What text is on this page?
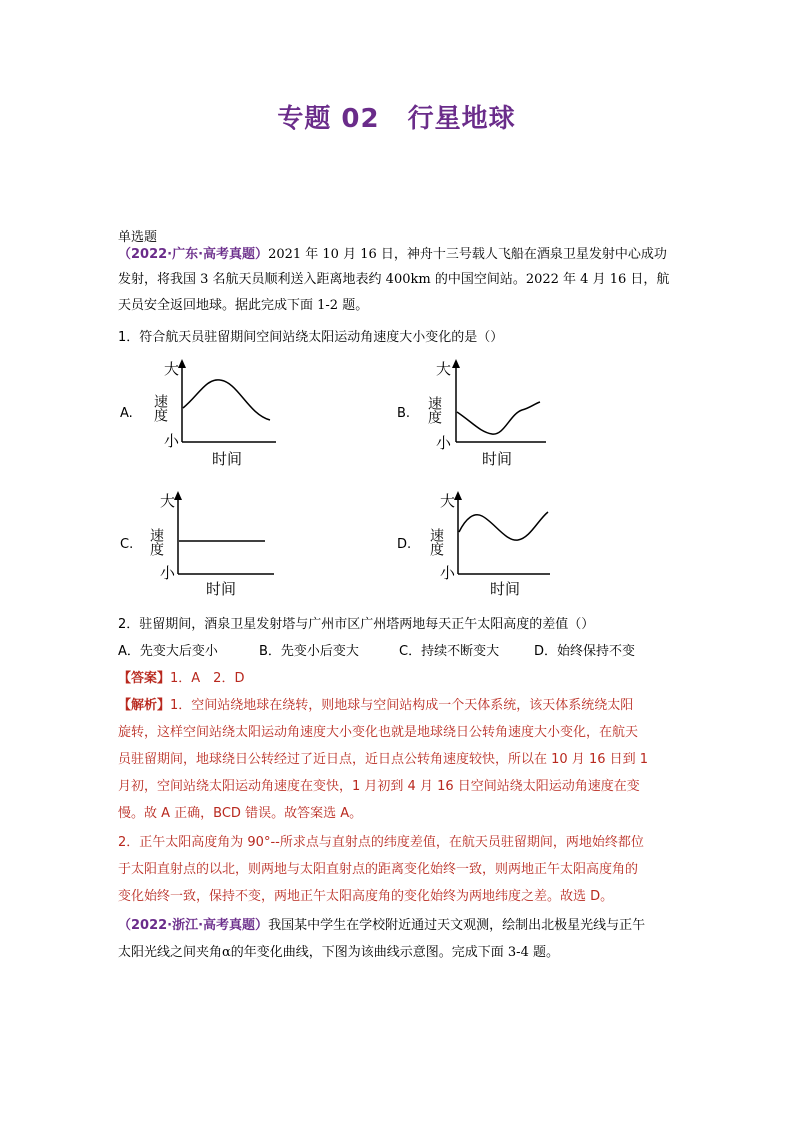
专题 02 行星地球
单选题
（2022·广东·高考真题）2021 年 10 月 16 日，神舟十三号载人飞船在酒泉卫星发射中心成功
发射，将我国 3 名航天员顺利送入距离地表约 400km 的中国空间站。2022 年 4 月 16 日，航
天员安全返回地球。据此完成下面 1-2 题。
1．符合航天员驻留期间空间站绕太阳运动角速度大小变化的是（）
A.	B.
C.	D.
大
速度
小
时间
大
速度
小
时间
大
速度
小
时间
大
速度
小
时间
2．驻留期间，酒泉卫星发射塔与广州市区广州塔两地每天正午太阳高度的差值（）
A．先变大后变小	B．先变小后变大	C．持续不断变大	D．始终保持不变
【答案】1．A　2．D
【解析】1．空间站绕地球在绕转，则地球与空间站构成一个天体系统，该天体系统绕太阳
旋转，这样空间站绕太阳运动角速度大小变化也就是地球绕日公转角速度大小变化，在航天
员驻留期间，地球绕日公转经过了近日点，近日点公转角速度较快，所以在 10 月 16 日到 1
月初，空间站绕太阳运动角速度在变快，1 月初到 4 月 16 日空间站绕太阳运动角速度在变
慢。故 A 正确，BCD 错误。故答案选 A。
2．正午太阳高度角为 90°--所求点与直射点的纬度差值，在航天员驻留期间，两地始终都位
于太阳直射点的以北，则两地与太阳直射点的距离变化始终一致，则两地正午太阳高度角的
变化始终一致，保持不变，两地正午太阳高度角的变化始终为两地纬度之差。故选 D。
（2022·浙江·高考真题）我国某中学生在学校附近通过天文观测，绘制出北极星光线与正午
太阳光线之间夹角α的年变化曲线，下图为该曲线示意图。完成下面 3-4 题。
